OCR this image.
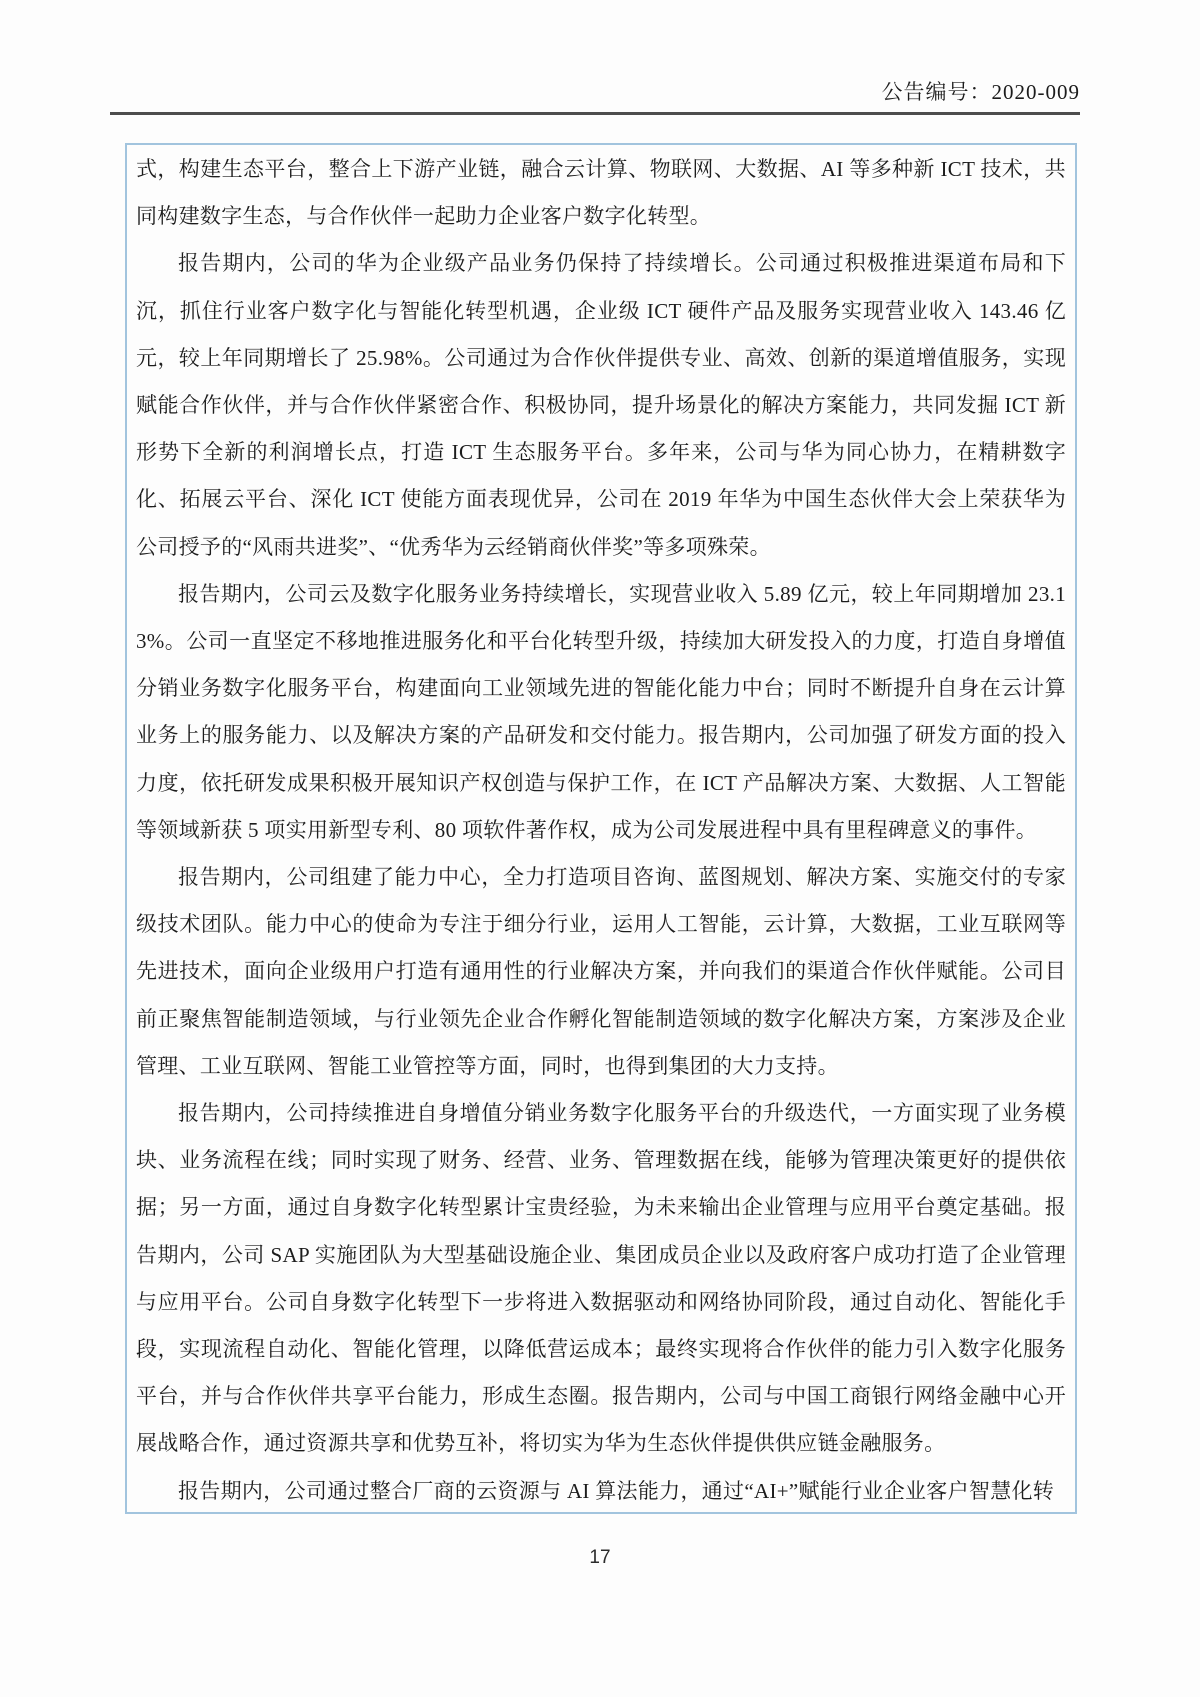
公告编号：2020-009

式，构建生态平台，整合上下游产业链，融合云计算、物联网、大数据、AI 等多种新 ICT 技术，共同构建数字生态，与合作伙伴一起助力企业客户数字化转型。

报告期内，公司的华为企业级产品业务仍保持了持续增长。公司通过积极推进渠道布局和下沉，抓住行业客户数字化与智能化转型机遇，企业级 ICT 硬件产品及服务实现营业收入 143.46 亿元，较上年同期增长了 25.98%。公司通过为合作伙伴提供专业、高效、创新的渠道增值服务，实现赋能合作伙伴，并与合作伙伴紧密合作、积极协同，提升场景化的解决方案能力，共同发掘 ICT 新形势下全新的利润增长点，打造 ICT 生态服务平台。多年来，公司与华为同心协力，在精耕数字化、拓展云平台、深化 ICT 使能方面表现优异，公司在 2019 年华为中国生态伙伴大会上荣获华为公司授予的“风雨共进奖”、“优秀华为云经销商伙伴奖”等多项殊荣。

报告期内，公司云及数字化服务业务持续增长，实现营业收入 5.89 亿元，较上年同期增加 23.13%。公司一直坚定不移地推进服务化和平台化转型升级，持续加大研发投入的力度，打造自身增值分销业务数字化服务平台，构建面向工业领域先进的智能化能力中台；同时不断提升自身在云计算业务上的服务能力、以及解决方案的产品研发和交付能力。报告期内，公司加强了研发方面的投入力度，依托研发成果积极开展知识产权创造与保护工作，在 ICT 产品解决方案、大数据、人工智能等领域新获 5 项实用新型专利、80 项软件著作权，成为公司发展进程中具有里程碑意义的事件。

报告期内，公司组建了能力中心，全力打造项目咨询、蓝图规划、解决方案、实施交付的专家级技术团队。能力中心的使命为专注于细分行业，运用人工智能，云计算，大数据，工业互联网等先进技术，面向企业级用户打造有通用性的行业解决方案，并向我们的渠道合作伙伴赋能。公司目前正聚焦智能制造领域，与行业领先企业合作孵化智能制造领域的数字化解决方案，方案涉及企业管理、工业互联网、智能工业管控等方面，同时，也得到集团的大力支持。

报告期内，公司持续推进自身增值分销业务数字化服务平台的升级迭代，一方面实现了业务模块、业务流程在线；同时实现了财务、经营、业务、管理数据在线，能够为管理决策更好的提供依据；另一方面，通过自身数字化转型累计宝贵经验，为未来输出企业管理与应用平台奠定基础。报告期内，公司 SAP 实施团队为大型基础设施企业、集团成员企业以及政府客户成功打造了企业管理与应用平台。公司自身数字化转型下一步将进入数据驱动和网络协同阶段，通过自动化、智能化手段，实现流程自动化、智能化管理，以降低营运成本；最终实现将合作伙伴的能力引入数字化服务平台，并与合作伙伴共享平台能力，形成生态圈。报告期内，公司与中国工商银行网络金融中心开展战略合作，通过资源共享和优势互补，将切实为华为生态伙伴提供供应链金融服务。

报告期内，公司通过整合厂商的云资源与 AI 算法能力，通过“AI+”赋能行业企业客户智慧化转

17
